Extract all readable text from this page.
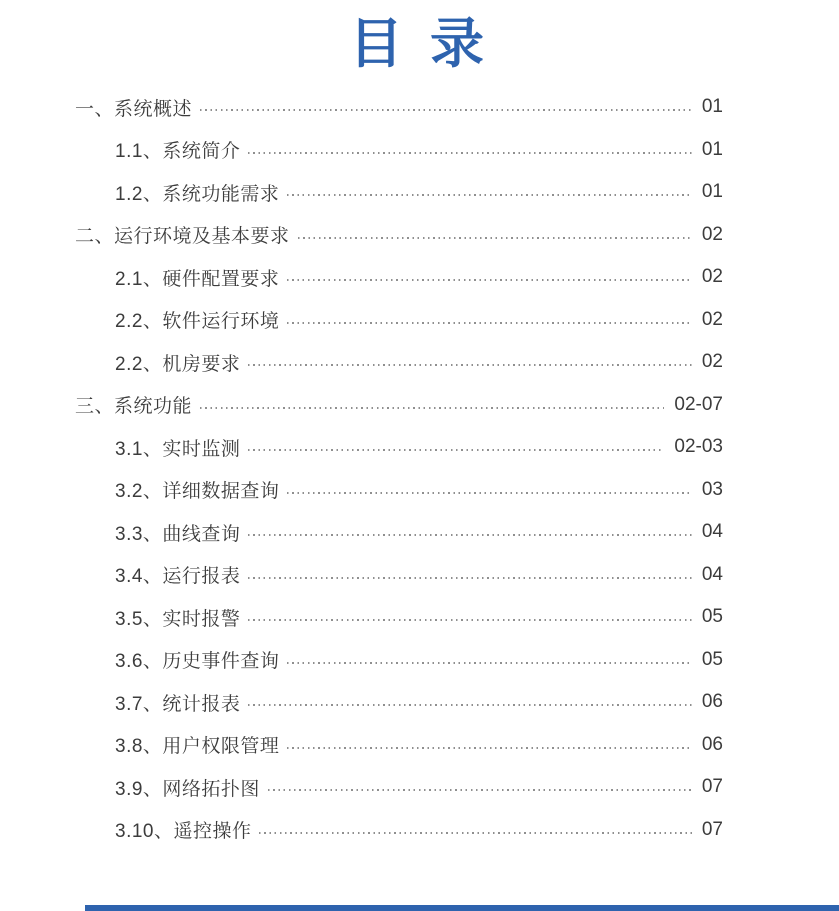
目 录
一、系统概述	01
1.1、系统简介	01
1.2、系统功能需求	01
二、运行环境及基本要求	02
2.1、硬件配置要求	02
2.2、软件运行环境	02
2.2、机房要求	02
三、系统功能	02-07
3.1、实时监测	02-03
3.2、详细数据查询	03
3.3、曲线查询	04
3.4、运行报表	04
3.5、实时报警	05
3.6、历史事件查询	05
3.7、统计报表	06
3.8、用户权限管理	06
3.9、网络拓扑图	07
3.10、遥控操作	07
